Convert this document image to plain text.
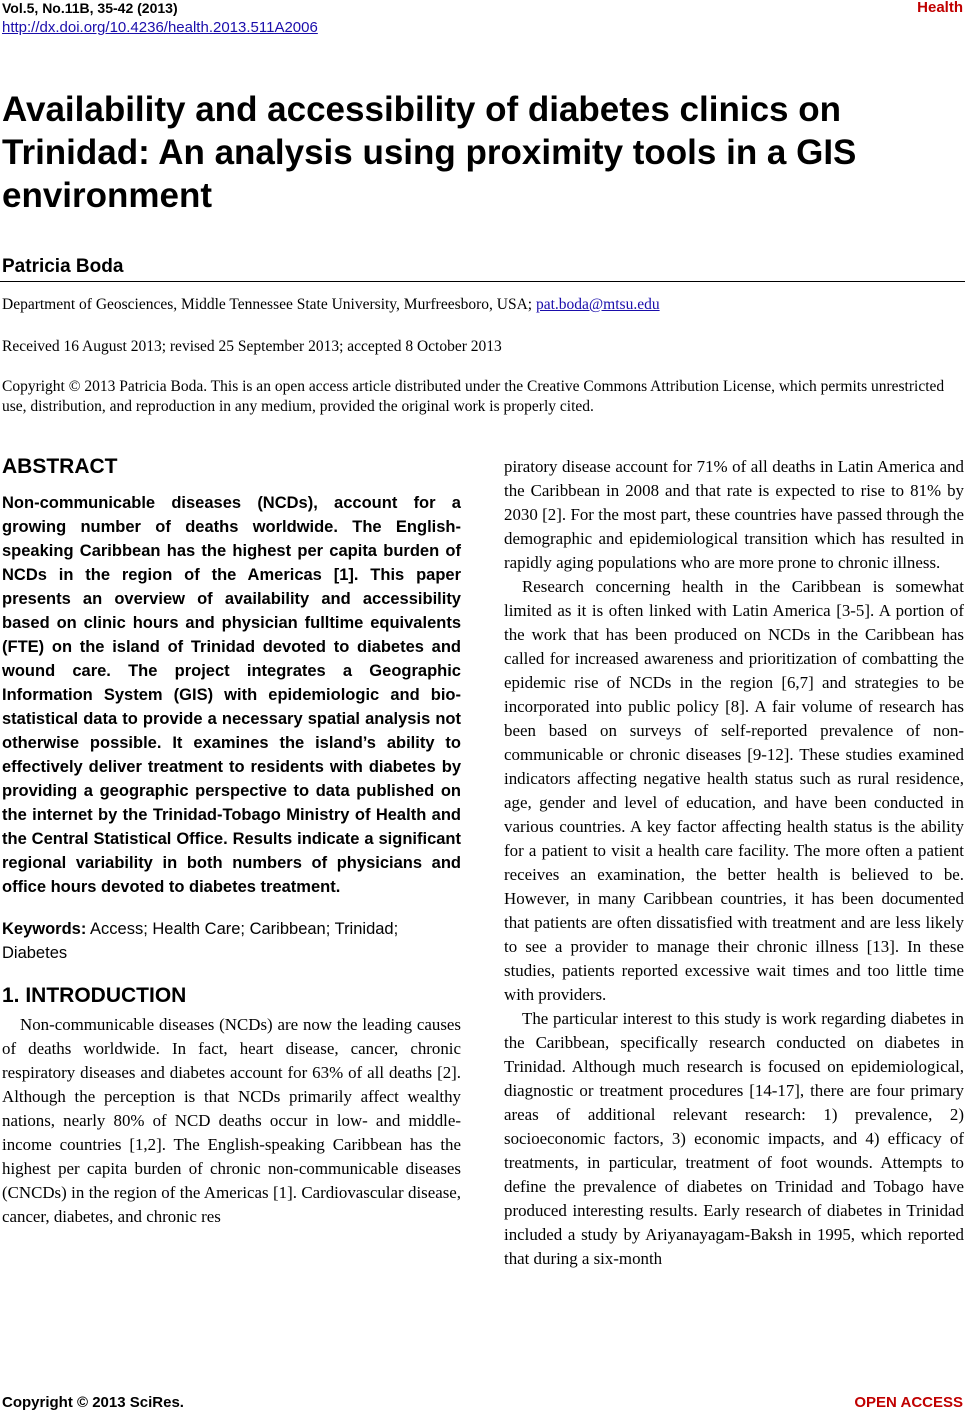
Vol.5, No.11B, 35-42 (2013)
http://dx.doi.org/10.4236/health.2013.511A2006
Health
Availability and accessibility of diabetes clinics on Trinidad: An analysis using proximity tools in a GIS environment
Patricia Boda
Department of Geosciences, Middle Tennessee State University, Murfreesboro, USA; pat.boda@mtsu.edu
Received 16 August 2013; revised 25 September 2013; accepted 8 October 2013
Copyright © 2013 Patricia Boda. This is an open access article distributed under the Creative Commons Attribution License, which permits unrestricted use, distribution, and reproduction in any medium, provided the original work is properly cited.
ABSTRACT

Non-communicable diseases (NCDs), account for a growing number of deaths worldwide. The English-speaking Caribbean has the highest per capita burden of NCDs in the region of the Americas [1]. This paper presents an overview of availability and accessibility based on clinic hours and physician fulltime equivalents (FTE) on the island of Trinidad devoted to diabetes and wound care. The project integrates a Geographic Information System (GIS) with epidemiologic and bio-statistical data to provide a necessary spatial analysis not otherwise possible. It examines the island’s ability to effectively deliver treatment to residents with diabetes by providing a geographic perspective to data published on the internet by the Trinidad-Tobago Ministry of Health and the Central Statistical Office. Results indicate a significant regional variability in both numbers of physicians and office hours devoted to diabetes treatment.

Keywords: Access; Health Care; Caribbean; Trinidad; Diabetes

1. INTRODUCTION

Non-communicable diseases (NCDs) are now the leading causes of deaths worldwide. In fact, heart disease, cancer, chronic respiratory diseases and diabetes account for 63% of all deaths [2]. Although the perception is that NCDs primarily affect wealthy nations, nearly 80% of NCD deaths occur in low- and middle-income countries [1,2]. The English-speaking Caribbean has the highest per capita burden of chronic non-communicable diseases (CNCDs) in the region of the Americas [1]. Cardiovascular disease, cancer, diabetes, and chronic res

piratory disease account for 71% of all deaths in Latin America and the Caribbean in 2008 and that rate is expected to rise to 81% by 2030 [2]. For the most part, these countries have passed through the demographic and epidemiological transition which has resulted in rapidly aging populations who are more prone to chronic illness.

Research concerning health in the Caribbean is somewhat limited as it is often linked with Latin America [3-5]. A portion of the work that has been produced on NCDs in the Caribbean has called for increased awareness and prioritization of combatting the epidemic rise of NCDs in the region [6,7] and strategies to be incorporated into public policy [8]. A fair volume of research has been based on surveys of self-reported prevalence of non-communicable or chronic diseases [9-12]. These studies examined indicators affecting negative health status such as rural residence, age, gender and level of education, and have been conducted in various countries. A key factor affecting health status is the ability for a patient to visit a health care facility. The more often a patient receives an examination, the better health is believed to be. However, in many Caribbean countries, it has been documented that patients are often dissatisfied with treatment and are less likely to see a provider to manage their chronic illness [13]. In these studies, patients reported excessive wait times and too little time with providers.

The particular interest to this study is work regarding diabetes in the Caribbean, specifically research conducted on diabetes in Trinidad. Although much research is focused on epidemiological, diagnostic or treatment procedures [14-17], there are four primary areas of additional relevant research: 1) prevalence, 2) socioeconomic factors, 3) economic impacts, and 4) efficacy of treatments, in particular, treatment of foot wounds. Attempts to define the prevalence of diabetes on Trinidad and Tobago have produced interesting results. Early research of diabetes in Trinidad included a study by Ariyanayagam-Baksh in 1995, which reported that during a six-month

Copyright © 2013 SciRes.	OPEN ACCESS
